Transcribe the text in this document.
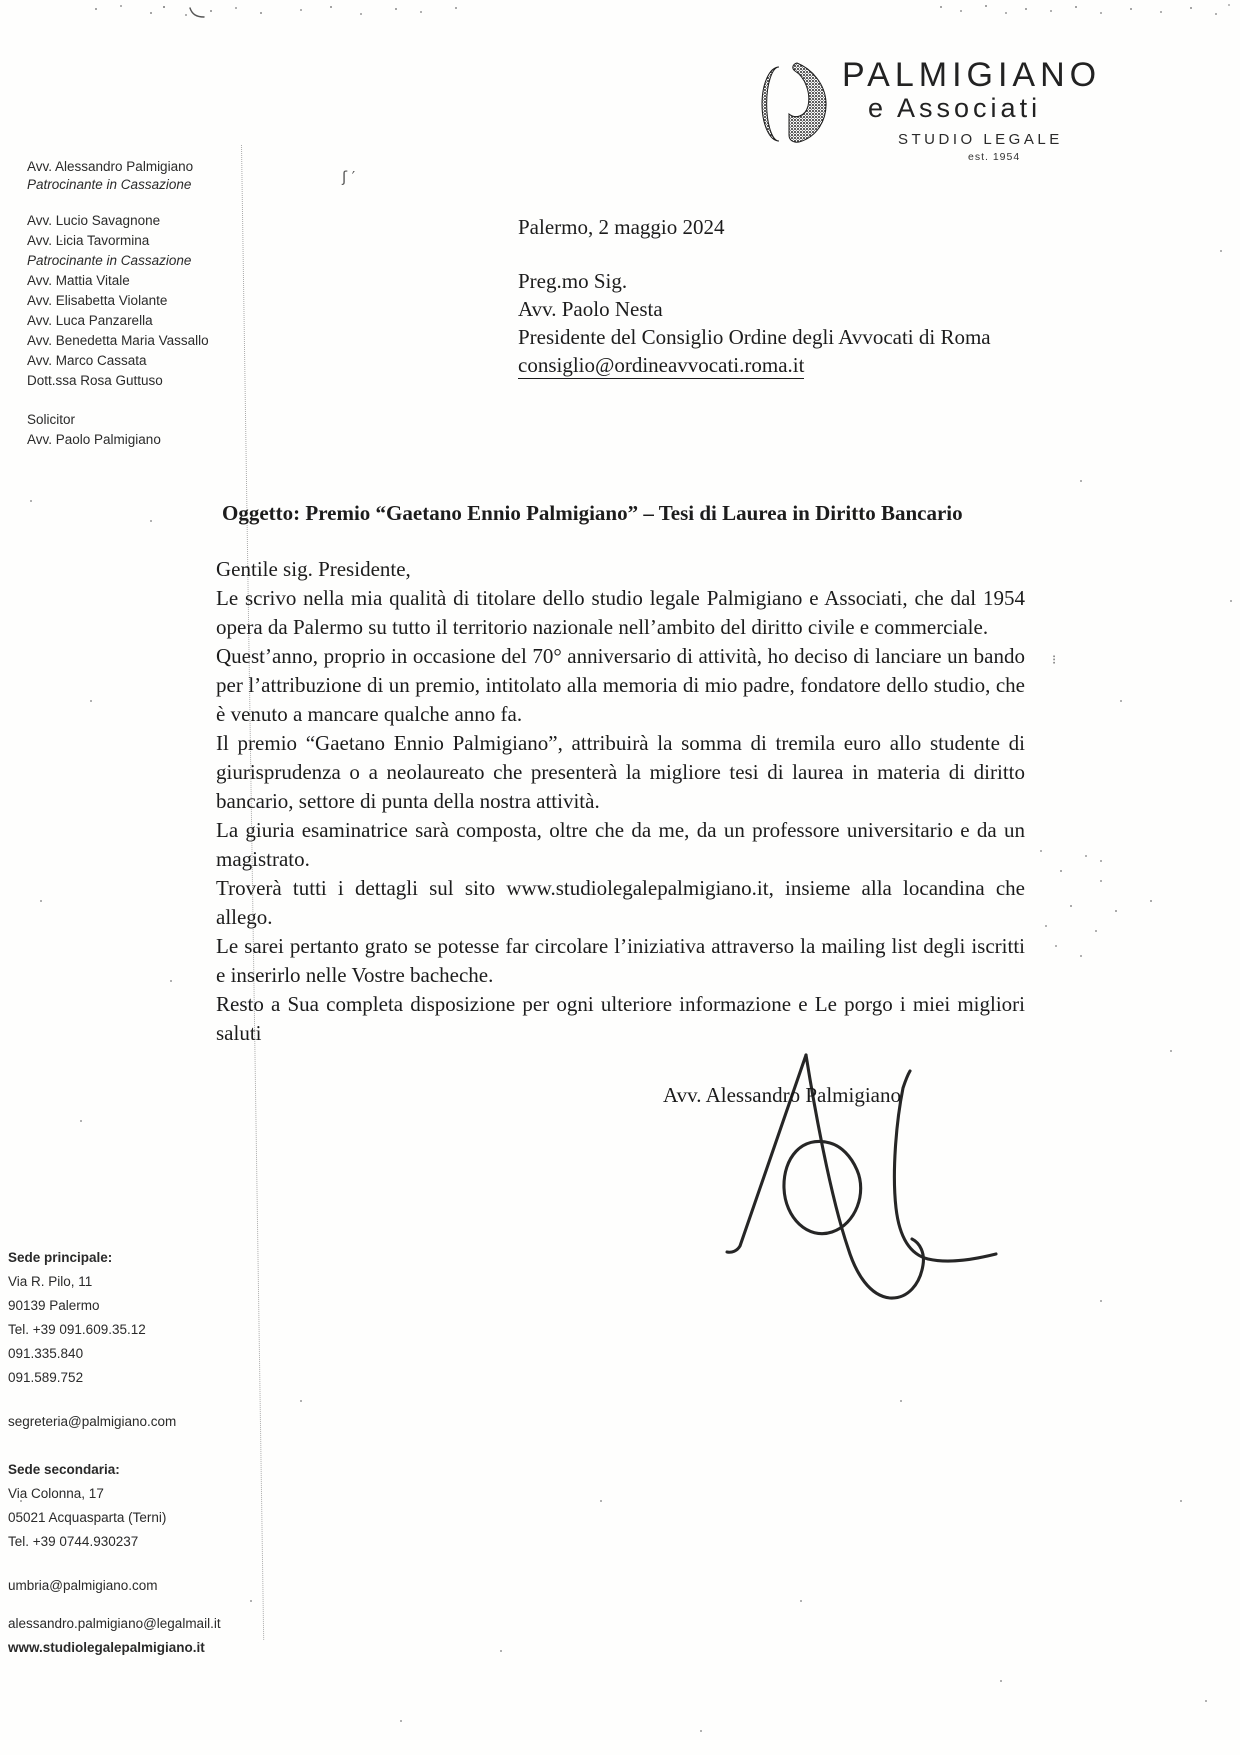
ʃ ′
⁝
PALMIGIANO
e Associati
STUDIO LEGALE
est. 1954
Avv. Alessandro Palmigiano
Patrocinante in Cassazione
Avv. Lucio Savagnone
Avv. Licia Tavormina
Patrocinante in Cassazione
Avv. Mattia Vitale
Avv. Elisabetta Violante
Avv. Luca Panzarella
Avv. Benedetta Maria Vassallo
Avv. Marco Cassata
Dott.ssa Rosa Guttuso
Solicitor
Avv. Paolo Palmigiano
Palermo, 2 maggio 2024
Preg.mo Sig.
Avv. Paolo Nesta
Presidente del Consiglio Ordine degli Avvocati di Roma
consiglio@ordineavvocati.roma.it
Oggetto: Premio “Gaetano Ennio Palmigiano” – Tesi di Laurea in Diritto Bancario

Gentile sig. Presidente,

Le scrivo nella mia qualità di titolare dello studio legale Palmigiano e Associati, che dal 1954 opera da Palermo su tutto il territorio nazionale nell’ambito del diritto civile e commerciale.

Quest’anno, proprio in occasione del 70° anniversario di attività, ho deciso di lanciare un bando per l’attribuzione di un premio, intitolato alla memoria di mio padre, fondatore dello studio, che è venuto a mancare qualche anno fa.

Il premio “Gaetano Ennio Palmigiano”, attribuirà la somma di tremila euro allo studente di giurisprudenza o a neolaureato che presenterà la migliore tesi di laurea in materia di diritto bancario, settore di punta della nostra attività.

La giuria esaminatrice sarà composta, oltre che da me, da un professore universitario e da un magistrato.

Troverà tutti i dettagli sul sito www.studiolegalepalmigiano.it, insieme alla locandina che allego.

Le sarei pertanto grato se potesse far circolare l’iniziativa attraverso la mailing list degli iscritti e inserirlo nelle Vostre bacheche.

Resto a Sua completa disposizione per ogni ulteriore informazione e Le porgo i miei migliori saluti

Avv. Alessandro Palmigiano
Sede principale:
Via R. Pilo, 11
90139 Palermo
Tel. +39 091.609.35.12
091.335.840
091.589.752
segreteria@palmigiano.com
Sede secondaria:
Via Colonna, 17
05021 Acquasparta (Terni)
Tel. +39 0744.930237
umbria@palmigiano.com
alessandro.palmigiano@legalmail.it
www.studiolegalepalmigiano.it
